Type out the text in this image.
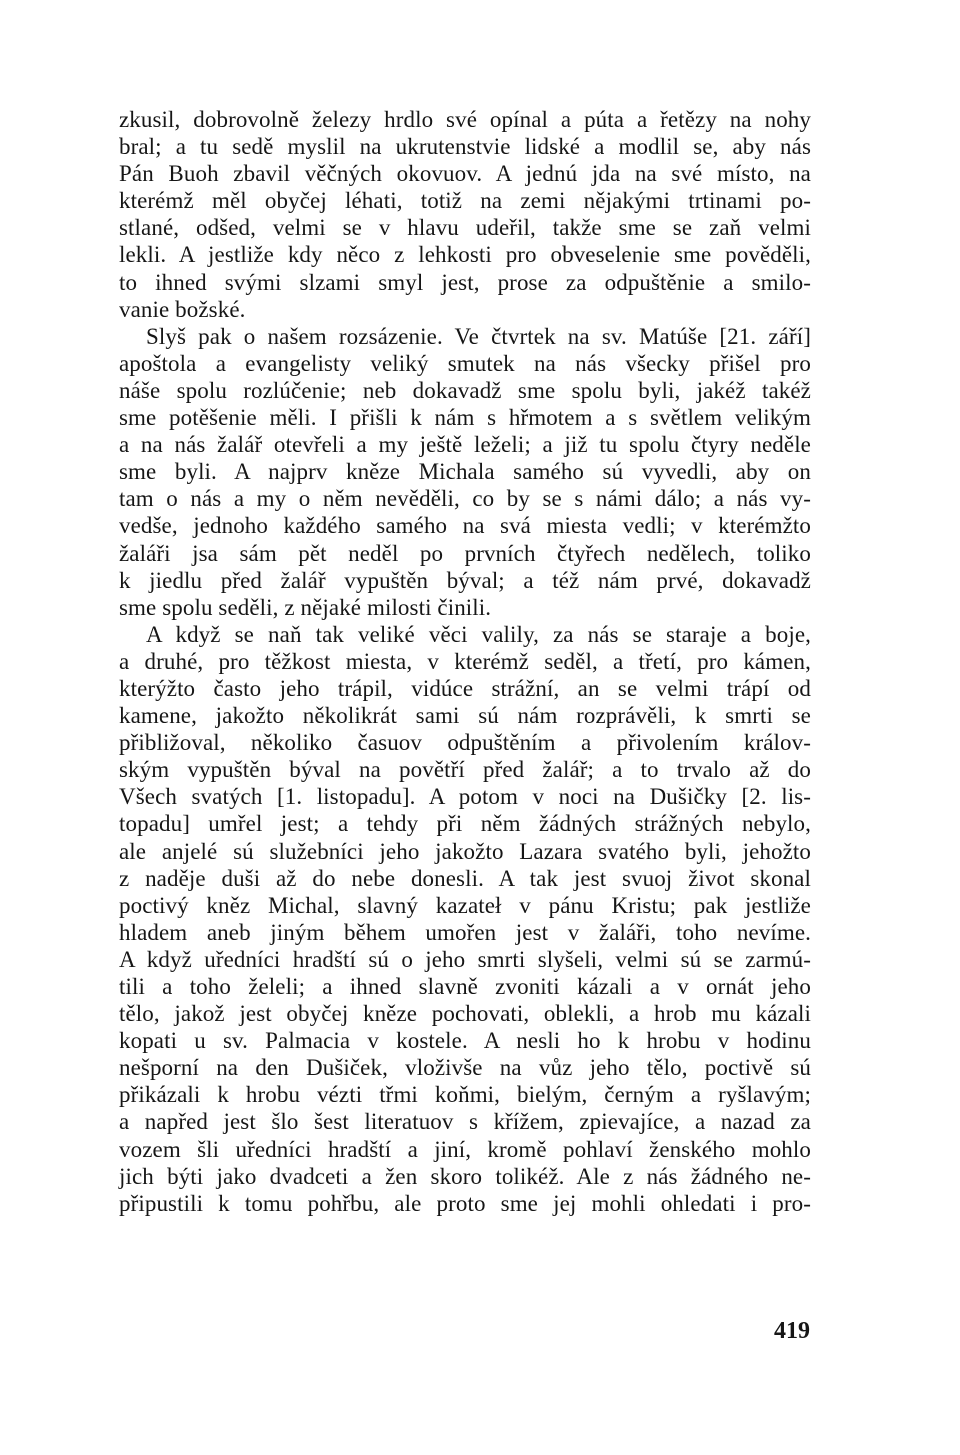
zkusil, dobrovolně železy hrdlo své opínal a púta a řetězy na nohy
bral; a tu sedě myslil na ukrutenstvie lidské a modlil se, aby nás
Pán Buoh zbavil věčných okovuov. A jednú jda na své místo, na
kterémž měl obyčej léhati, totiž na zemi nějakými trtinami po-
stlané, odšed, velmi se v hlavu udeřil, takže sme se zaň velmi
lekli. A jestliže kdy něco z lehkosti pro obveselenie sme pověděli,
to ihned svými slzami smyl jest, prose za odpuštěnie a smilo-
vanie božské.
Slyš pak o našem rozsázenie. Ve čtvrtek na sv. Matúše [21. září]
apoštola a evangelisty veliký smutek na nás všecky přišel pro
náše spolu rozlúčenie; neb dokavadž sme spolu byli, jakéž takéž
sme potěšenie měli. I přišli k nám s hřmotem a s světlem velikým
a na nás žalář otevřeli a my ještě leželi; a již tu spolu čtyry neděle
sme byli. A najprv kněze Michala samého sú vyvedli, aby on
tam o nás a my o něm nevěděli, co by se s námi dálo; a nás vy-
vedše, jednoho každého samého na svá miesta vedli; v kterémžto
žaláři jsa sám pět neděl po prvních čtyřech nedělech, toliko
k jiedlu před žalář vypuštěn býval; a též nám prvé, dokavadž
sme spolu seděli, z nějaké milosti činili.
A když se naň tak veliké věci valily, za nás se staraje a boje,
a druhé, pro těžkost miesta, v kterémž seděl, a třetí, pro kámen,
kterýžto často jeho trápil, vidúce strážní, an se velmi trápí od
kamene, jakožto několikrát sami sú nám rozprávěli, k smrti se
přibližoval, několiko časuov odpuštěním a přivolením králov-
ským vypuštěn býval na povětří před žalář; a to trvalo až do
Všech svatých [1. listopadu]. A potom v noci na Dušičky [2. lis-
topadu] umřel jest; a tehdy při něm žádných strážných nebylo,
ale anjelé sú služebníci jeho jakožto Lazara svatého byli, jehožto
z naděje duši až do nebe donesli. A tak jest svuoj život skonal
poctivý kněz Michal, slavný kazateł v pánu Kristu; pak jestliže
hladem aneb jiným během umořen jest v žaláři, toho nevíme.
A když uředníci hradští sú o jeho smrti slyšeli, velmi sú se zarmú-
tili a toho želeli; a ihned slavně zvoniti kázali a v ornát jeho
tělo, jakož jest obyčej kněze pochovati, oblekli, a hrob mu kázali
kopati u sv. Palmacia v kostele. A nesli ho k hrobu v hodinu
nešporní na den Dušiček, vloživše na vůz jeho tělo, poctivě sú
přikázali k hrobu vézti třmi koňmi, bielým, černým a ryšlavým;
a napřed jest šlo šest literatuov s křížem, zpievajíce, a nazad za
vozem šli uředníci hradští a jiní, kromě pohlaví ženského mohlo
jich býti jako dvadceti a žen skoro tolikéž. Ale z nás žádného ne-
připustili k tomu pohřbu, ale proto sme jej mohli ohledati i pro-
419
